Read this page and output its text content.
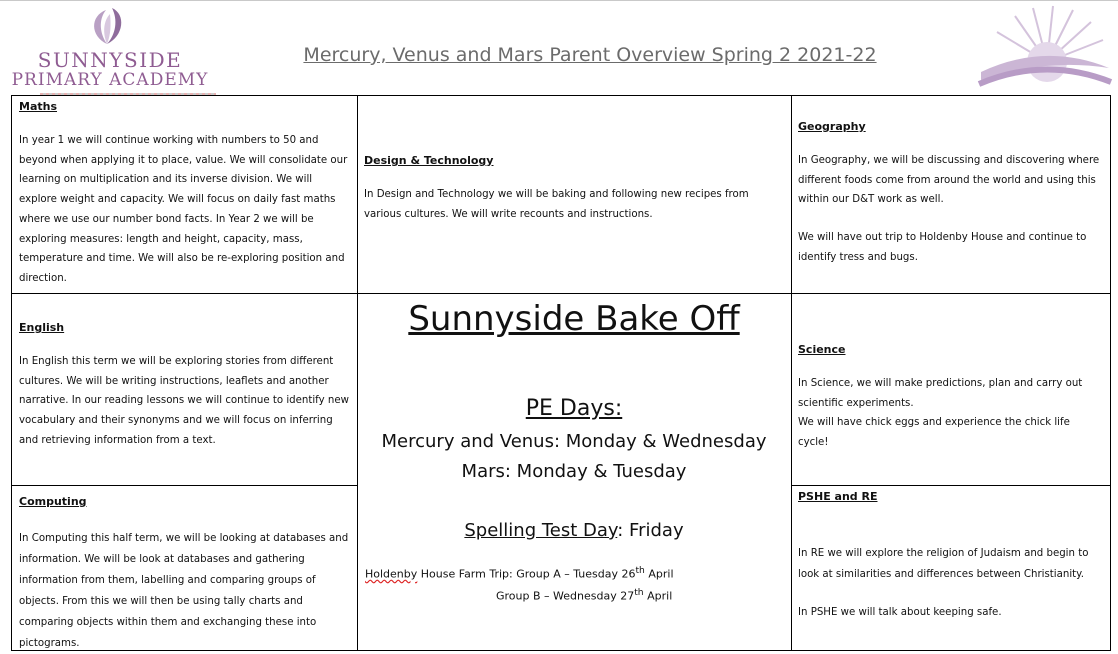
SUNNYSIDE
PRIMARY ACADEMY
Mercury, Venus and Mars Parent Overview Spring 2 2021-22
Maths
In year 1 we will continue working with numbers to 50 and beyond when applying it to place, value. We will consolidate our learning on multiplication and its inverse division. We will explore weight and capacity. We will focus on daily fast maths where we use our number bond facts. In Year 2 we will be exploring measures: length and height, capacity, mass, temperature and time. We will also be re-exploring position and direction.
Design & Technology
In Design and Technology we will be baking and following new recipes from various cultures. We will write recounts and instructions.
Geography
In Geography, we will be discussing and discovering where different foods come from around the world and using this within our D&T work as well.
We will have out trip to Holdenby House and continue to identify tress and bugs.
English
In English this term we will be exploring stories from different cultures. We will be writing instructions, leaflets and another narrative. In our reading lessons we will continue to identify new vocabulary and their synonyms and we will focus on inferring and retrieving information from a text.
Computing
In Computing this half term, we will be looking at databases and information. We will be look at databases and gathering information from them, labelling and comparing groups of objects. From this we will then be using tally charts and comparing objects within them and exchanging these into pictograms.
Sunnyside Bake Off
PE Days:
Mercury and Venus: Monday & Wednesday
Mars: Monday & Tuesday
Spelling Test Day: Friday
Holdenby House Farm Trip: Group A – Tuesday 26th April
Group B – Wednesday 27th April
Science
In Science, we will make predictions, plan and carry out scientific experiments.
We will have chick eggs and experience the chick life cycle!
PSHE and RE
In RE we will explore the religion of Judaism and begin to look at similarities and differences between Christianity.
In PSHE we will talk about keeping safe.
